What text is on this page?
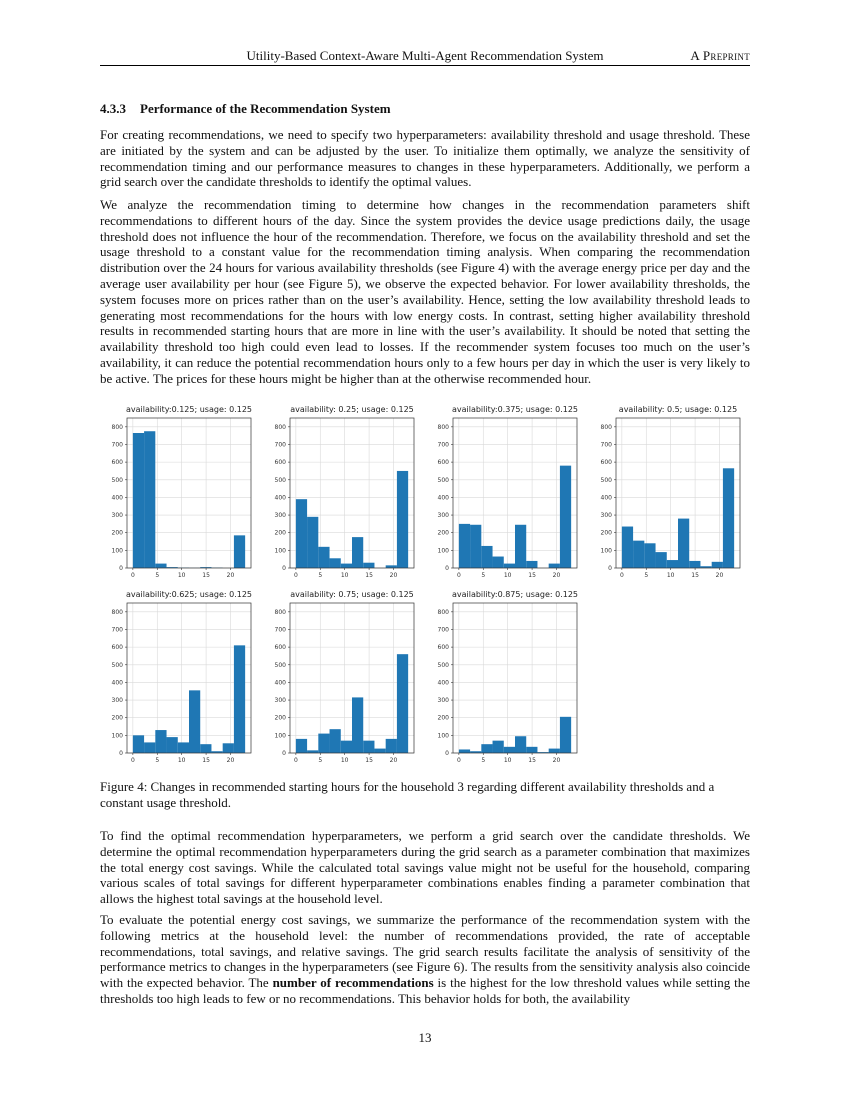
Utility-Based Context-Aware Multi-Agent Recommendation System	A Preprint
4.3.3 Performance of the Recommendation System

For creating recommendations, we need to specify two hyperparameters: availability threshold and usage threshold. These are initiated by the system and can be adjusted by the user. To initialize them optimally, we analyze the sensitivity of recommendation timing and our performance measures to changes in these hyperparameters. Additionally, we perform a grid search over the candidate thresholds to identify the optimal values.

We analyze the recommendation timing to determine how changes in the recommendation parameters shift recommendations to different hours of the day. Since the system provides the device usage predictions daily, the usage threshold does not influence the hour of the recommendation. Therefore, we focus on the availability threshold and set the usage threshold to a constant value for the recommendation timing analysis. When comparing the recommendation distribution over the 24 hours for various availability thresholds (see Figure 4) with the average energy price per day and the average user availability per hour (see Figure 5), we observe the expected behavior. For lower availability thresholds, the system focuses more on prices rather than on the user’s availability. Hence, setting the low availability threshold leads to generating most recommendations for the hours with low energy costs. In contrast, setting higher availability threshold results in recommended starting hours that are more in line with the user’s availability. It should be noted that setting the availability threshold too high could even lead to losses. If the recommender system focuses too much on the user’s availability, it can reduce the potential recommendation hours only to a few hours per day in which the user is very likely to be active. The prices for these hours might be higher than at the otherwise recommended hour.

availability:0.125; usage: 0.125
0
100
200
300
400
500
600
700
800
0	5	10	15	20
availability: 0.25; usage: 0.125
0
100
200
300
400
500
600
700
800
0	5	10	15	20
availability:0.375; usage: 0.125
0
100
200
300
400
500
600
700
800
0	5	10	15	20
availability: 0.5; usage: 0.125
0
100
200
300
400
500
600
700
800
0	5	10	15	20
availability:0.625; usage: 0.125
0
100
200
300
400
500
600
700
800
0	5	10	15	20
availability: 0.75; usage: 0.125
0
100
200
300
400
500
600
700
800
0	5	10	15	20
availability:0.875; usage: 0.125
0
100
200
300
400
500
600
700
800
0	5	10	15	20
Figure 4: Changes in recommended starting hours for the household 3 regarding different availability thresholds and a constant usage threshold.

To find the optimal recommendation hyperparameters, we perform a grid search over the candidate thresholds. We determine the optimal recommendation hyperparameters during the grid search as a parameter combination that maximizes the total energy cost savings. While the calculated total savings value might not be useful for the household, comparing various scales of total savings for different hyperparameter combinations enables finding a parameter combination that allows the highest total savings at the household level.

To evaluate the potential energy cost savings, we summarize the performance of the recommendation system with the following metrics at the household level: the number of recommendations provided, the rate of acceptable recommendations, total savings, and relative savings. The grid search results facilitate the analysis of sensitivity of the performance metrics to changes in the hyperparameters (see Figure 6). The results from the sensitivity analysis also coincide with the expected behavior. The number of recommendations is the highest for the low threshold values while setting the thresholds too high leads to few or no recommendations. This behavior holds for both, the availability

13
